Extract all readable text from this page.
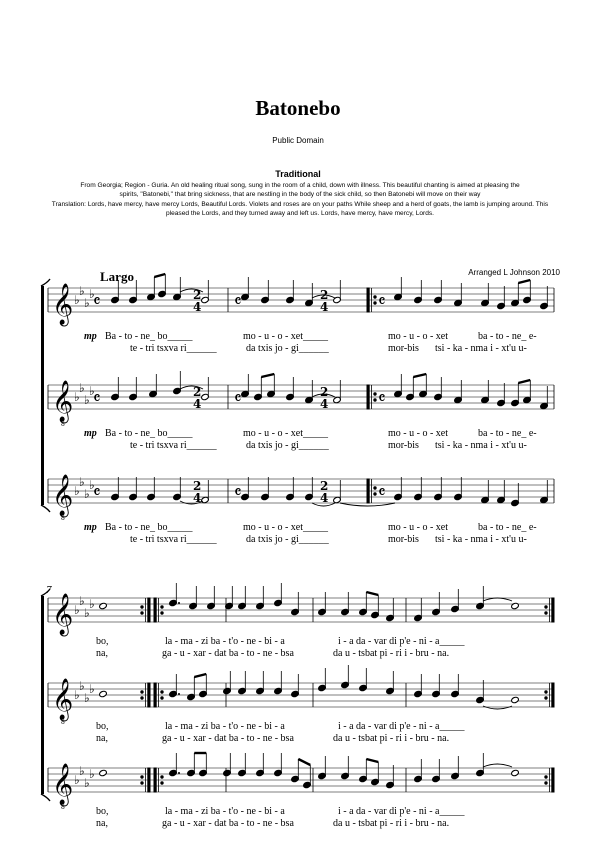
Batonebo
Public Domain
Traditional
From Georgia; Region - Guria. An old healing ritual song, sung in the room of a child, down with illness. This beautiful chanting is aimed at pleasing the
spirits, "Batonebi," that bring sickness, that are nestling in the body of the sick child, so then Batonebi will move on their way
Translation: Lords, have mercy, have mercy Lords, Beautiful Lords. Violets and roses are on your paths While sheep and a herd of goats, the lamb is jumping around. This
pleased the Lords, and they turned away and left us. Lords, have mercy, have mercy, Lords.
Largo	Arranged L Johnson 2010
7
𝄞 ♭
♭
♭
♭
𝄴	2
4
2
4
𝄴	𝄴
𝄞
8
♭
♭
♭
♭
𝄴	2
4
2
4
𝄴	𝄴
𝄞
8
♭
♭
♭
♭
𝄴	2
4
2
4
𝄴	𝄴
𝄞 ♭
♭
♭
♭
𝄞
8
♭
♭
♭
♭
𝄞
8
♭
♭
♭
♭
mp Ba - to - ne_ bo_____	mo - u - o - xet_____	mo - u - o - xet	ba - to - ne_ e-
te - tri tsxva ri______	da txis jo - gi______	mor-bis tsi - ka - nma i - xt'u u-
mp Ba - to - ne_ bo_____	mo - u - o - xet_____	mo - u - o - xet	ba - to - ne_ e-
te - tri tsxva ri______	da txis jo - gi______	mor-bis tsi - ka - nma i - xt'u u-
mp Ba - to - ne_ bo_____	mo - u - o - xet_____	mo - u - o - xet	ba - to - ne_ e-
te - tri tsxva ri______	da txis jo - gi______	mor-bis tsi - ka - nma i - xt'u u-
bo,	la - ma - zi ba - t'o - ne - bi - a	i - a da - var di p'e - ni - a_____
na,	ga - u - xar - dat ba - to - ne - bsa	da u - tsbat pi - ri i - bru - na.
bo,	la - ma - zi ba - t'o - ne - bi - a	i - a da - var di p'e - ni - a_____
na,	ga - u - xar - dat ba - to - ne - bsa	da u - tsbat pi - ri i - bru - na.
bo,	la - ma - zi ba - t'o - ne - bi - a	i - a da - var di p'e - ni - a_____
na,	ga - u - xar - dat ba - to - ne - bsa	da u - tsbat pi - ri i - bru - na.
